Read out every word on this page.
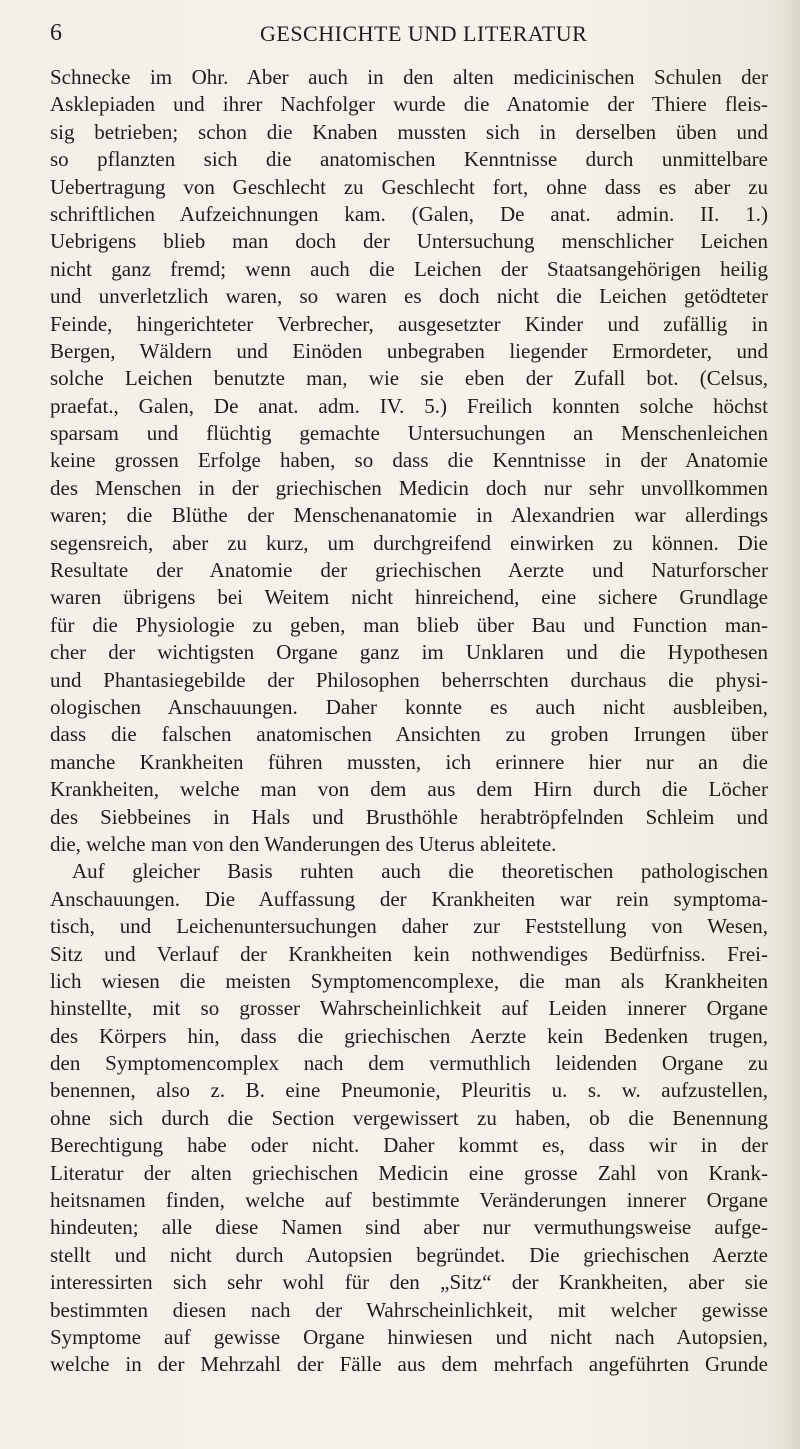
6	GESCHICHTE UND LITERATUR
Schnecke im Ohr. Aber auch in den alten medicinischen Schulen der
Asklepiaden und ihrer Nachfolger wurde die Anatomie der Thiere fleis-
sig betrieben; schon die Knaben mussten sich in derselben üben und
so pflanzten sich die anatomischen Kenntnisse durch unmittelbare
Uebertragung von Geschlecht zu Geschlecht fort, ohne dass es aber zu
schriftlichen Aufzeichnungen kam. (Galen, De anat. admin. II. 1.)
Uebrigens blieb man doch der Untersuchung menschlicher Leichen
nicht ganz fremd; wenn auch die Leichen der Staatsangehörigen heilig
und unverletzlich waren, so waren es doch nicht die Leichen getödteter
Feinde, hingerichteter Verbrecher, ausgesetzter Kinder und zufällig in
Bergen, Wäldern und Einöden unbegraben liegender Ermordeter, und
solche Leichen benutzte man, wie sie eben der Zufall bot. (Celsus,
praefat., Galen, De anat. adm. IV. 5.) Freilich konnten solche höchst
sparsam und flüchtig gemachte Untersuchungen an Menschenleichen
keine grossen Erfolge haben, so dass die Kenntnisse in der Anatomie
des Menschen in der griechischen Medicin doch nur sehr unvollkommen
waren; die Blüthe der Menschenanatomie in Alexandrien war allerdings
segensreich, aber zu kurz, um durchgreifend einwirken zu können. Die
Resultate der Anatomie der griechischen Aerzte und Naturforscher
waren übrigens bei Weitem nicht hinreichend, eine sichere Grundlage
für die Physiologie zu geben, man blieb über Bau und Function man-
cher der wichtigsten Organe ganz im Unklaren und die Hypothesen
und Phantasiegebilde der Philosophen beherrschten durchaus die physi-
ologischen Anschauungen. Daher konnte es auch nicht ausbleiben,
dass die falschen anatomischen Ansichten zu groben Irrungen über
manche Krankheiten führen mussten, ich erinnere hier nur an die
Krankheiten, welche man von dem aus dem Hirn durch die Löcher
des Siebbeines in Hals und Brusthöhle herabtröpfelnden Schleim und
die, welche man von den Wanderungen des Uterus ableitete.
Auf gleicher Basis ruhten auch die theoretischen pathologischen
Anschauungen. Die Auffassung der Krankheiten war rein symptoma-
tisch, und Leichenuntersuchungen daher zur Feststellung von Wesen,
Sitz und Verlauf der Krankheiten kein nothwendiges Bedürfniss. Frei-
lich wiesen die meisten Symptomencomplexe, die man als Krankheiten
hinstellte, mit so grosser Wahrscheinlichkeit auf Leiden innerer Organe
des Körpers hin, dass die griechischen Aerzte kein Bedenken trugen,
den Symptomencomplex nach dem vermuthlich leidenden Organe zu
benennen, also z. B. eine Pneumonie, Pleuritis u. s. w. aufzustellen,
ohne sich durch die Section vergewissert zu haben, ob die Benennung
Berechtigung habe oder nicht. Daher kommt es, dass wir in der
Literatur der alten griechischen Medicin eine grosse Zahl von Krank-
heitsnamen finden, welche auf bestimmte Veränderungen innerer Organe
hindeuten; alle diese Namen sind aber nur vermuthungsweise aufge-
stellt und nicht durch Autopsien begründet. Die griechischen Aerzte
interessirten sich sehr wohl für den „Sitz“ der Krankheiten, aber sie
bestimmten diesen nach der Wahrscheinlichkeit, mit welcher gewisse
Symptome auf gewisse Organe hinwiesen und nicht nach Autopsien,
welche in der Mehrzahl der Fälle aus dem mehrfach angeführten Grunde
